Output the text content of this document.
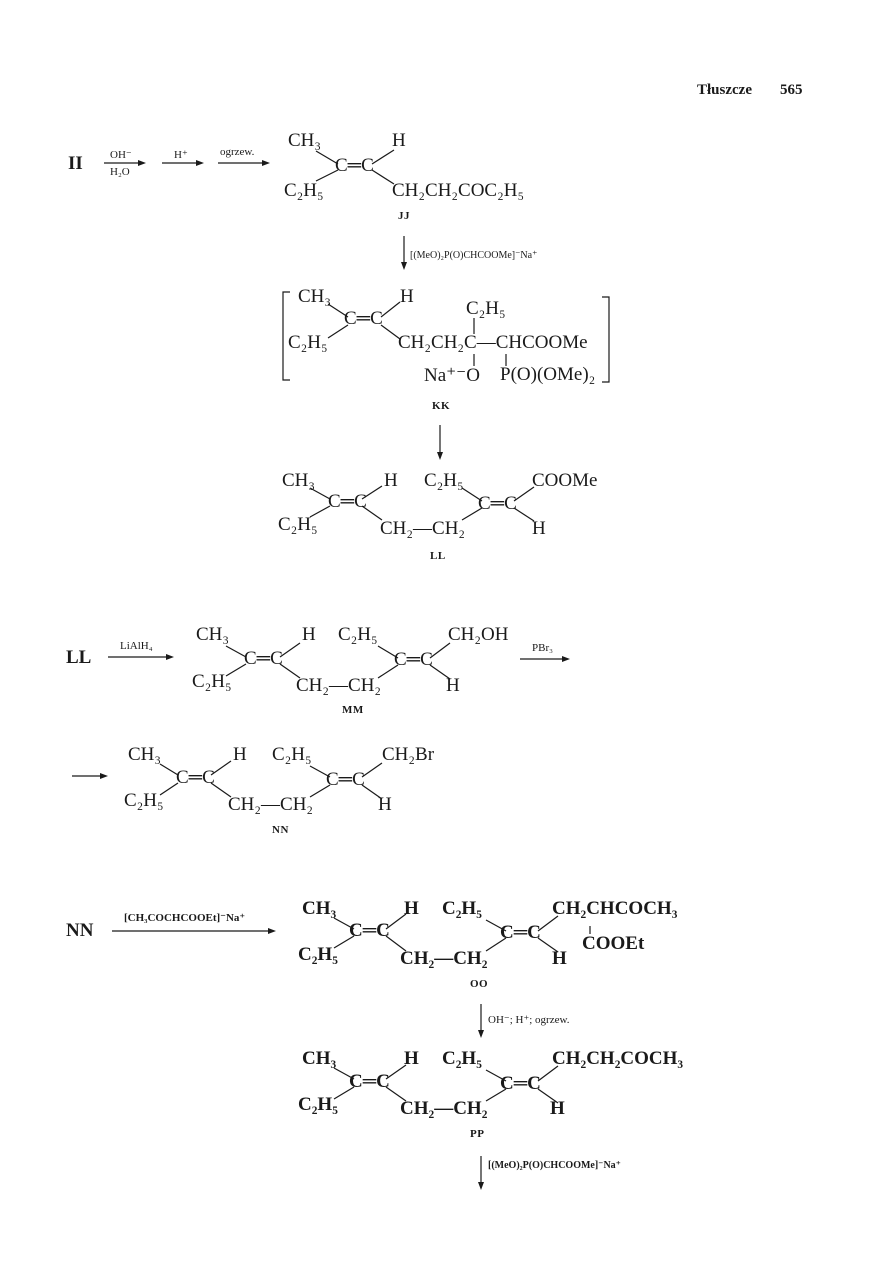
Tłuszcze 565
II OH⁻
H₂O
H⁺	ogrzew.
CH₃	H
C═C
C₂H₅	CH₂CH₂COC₂H₅
JJ
[(MeO)₂P(O)CHCOOMe]⁻Na⁺
CH₃	H
C₂H₅
C═C
C₂H₅	CH₂CH₂C—CHCOOMe
Na⁺⁻O P(O)(OMe)₂
KK
CH₃	H C₂H₅	COOMe
C═C	C═C
C₂H₅	CH₂—CH₂	H
LL
LL
LiAlH₄
CH₃	H C₂H₅	CH₂OH
C═C	C═C
C₂H₅	CH₂—CH₂	H
MM
PBr₃
CH₃	H C₂H₅	CH₂Br
C═C	C═C
C₂H₅	CH₂—CH₂	H
NN
NN
[CH₃COCHCOOEt]⁻Na⁺	CH₃	H C₂H₅	CH₂CHCOCH₃
C═C	C═C
C₂H₅	CH₂—CH₂	H
COOEt
OO
OH⁻; H⁺; ogrzew.
CH₃	H C₂H₅	CH₂CH₂COCH₃
C═C	C═C
C₂H₅	CH₂—CH₂	H
PP
[(MeO)₂P(O)CHCOOMe]⁻Na⁺
